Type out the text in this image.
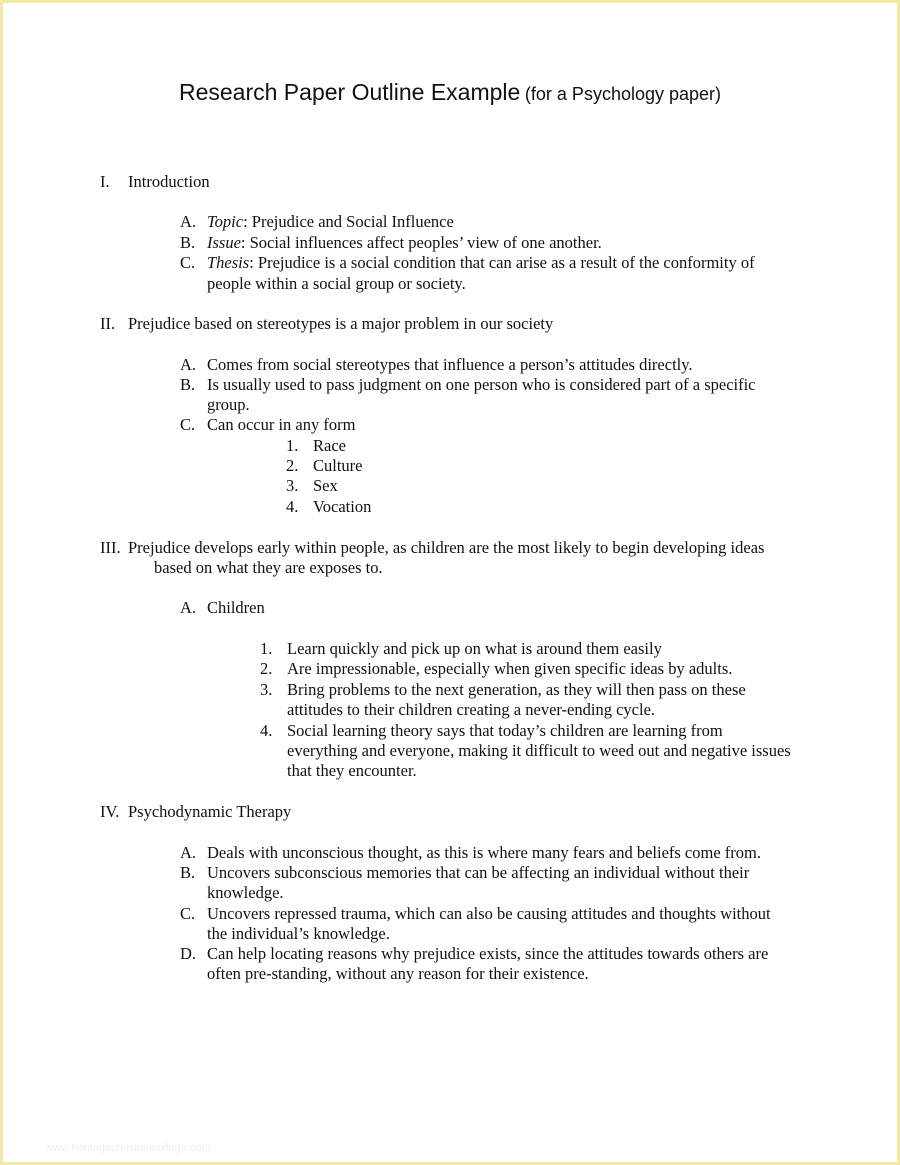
Research Paper Outline Example (for a Psychology paper)
I. Introduction
A. Topic: Prejudice and Social Influence
B. Issue: Social influences affect peoples’ view of one another.
C. Thesis: Prejudice is a social condition that can arise as a result of the conformity of
people within a social group or society.
II. Prejudice based on stereotypes is a major problem in our society
A. Comes from social stereotypes that influence a person’s attitudes directly.
B. Is usually used to pass judgment on one person who is considered part of a specific
group.
C. Can occur in any form
1. Race
2. Culture
3. Sex
4. Vocation
III. Prejudice develops early within people, as children are the most likely to begin developing ideas
based on what they are exposes to.
A. Children
1. Learn quickly and pick up on what is around them easily
2. Are impressionable, especially when given specific ideas by adults.
3. Bring problems to the next generation, as they will then pass on these
attitudes to their children creating a never-ending cycle.
4. Social learning theory says that today’s children are learning from
everything and everyone, making it difficult to weed out and negative issues
that they encounter.
IV. Psychodynamic Therapy
A. Deals with unconscious thought, as this is where many fears and beliefs come from.
B. Uncovers subconscious memories that can be affecting an individual without their
knowledge.
C. Uncovers repressed trauma, which can also be causing attitudes and thoughts without
the individual’s knowledge.
D. Can help locating reasons why prejudice exists, since the attitudes towards others are
often pre-standing, without any reason for their existence.
www.heritagechristiancollege.com
